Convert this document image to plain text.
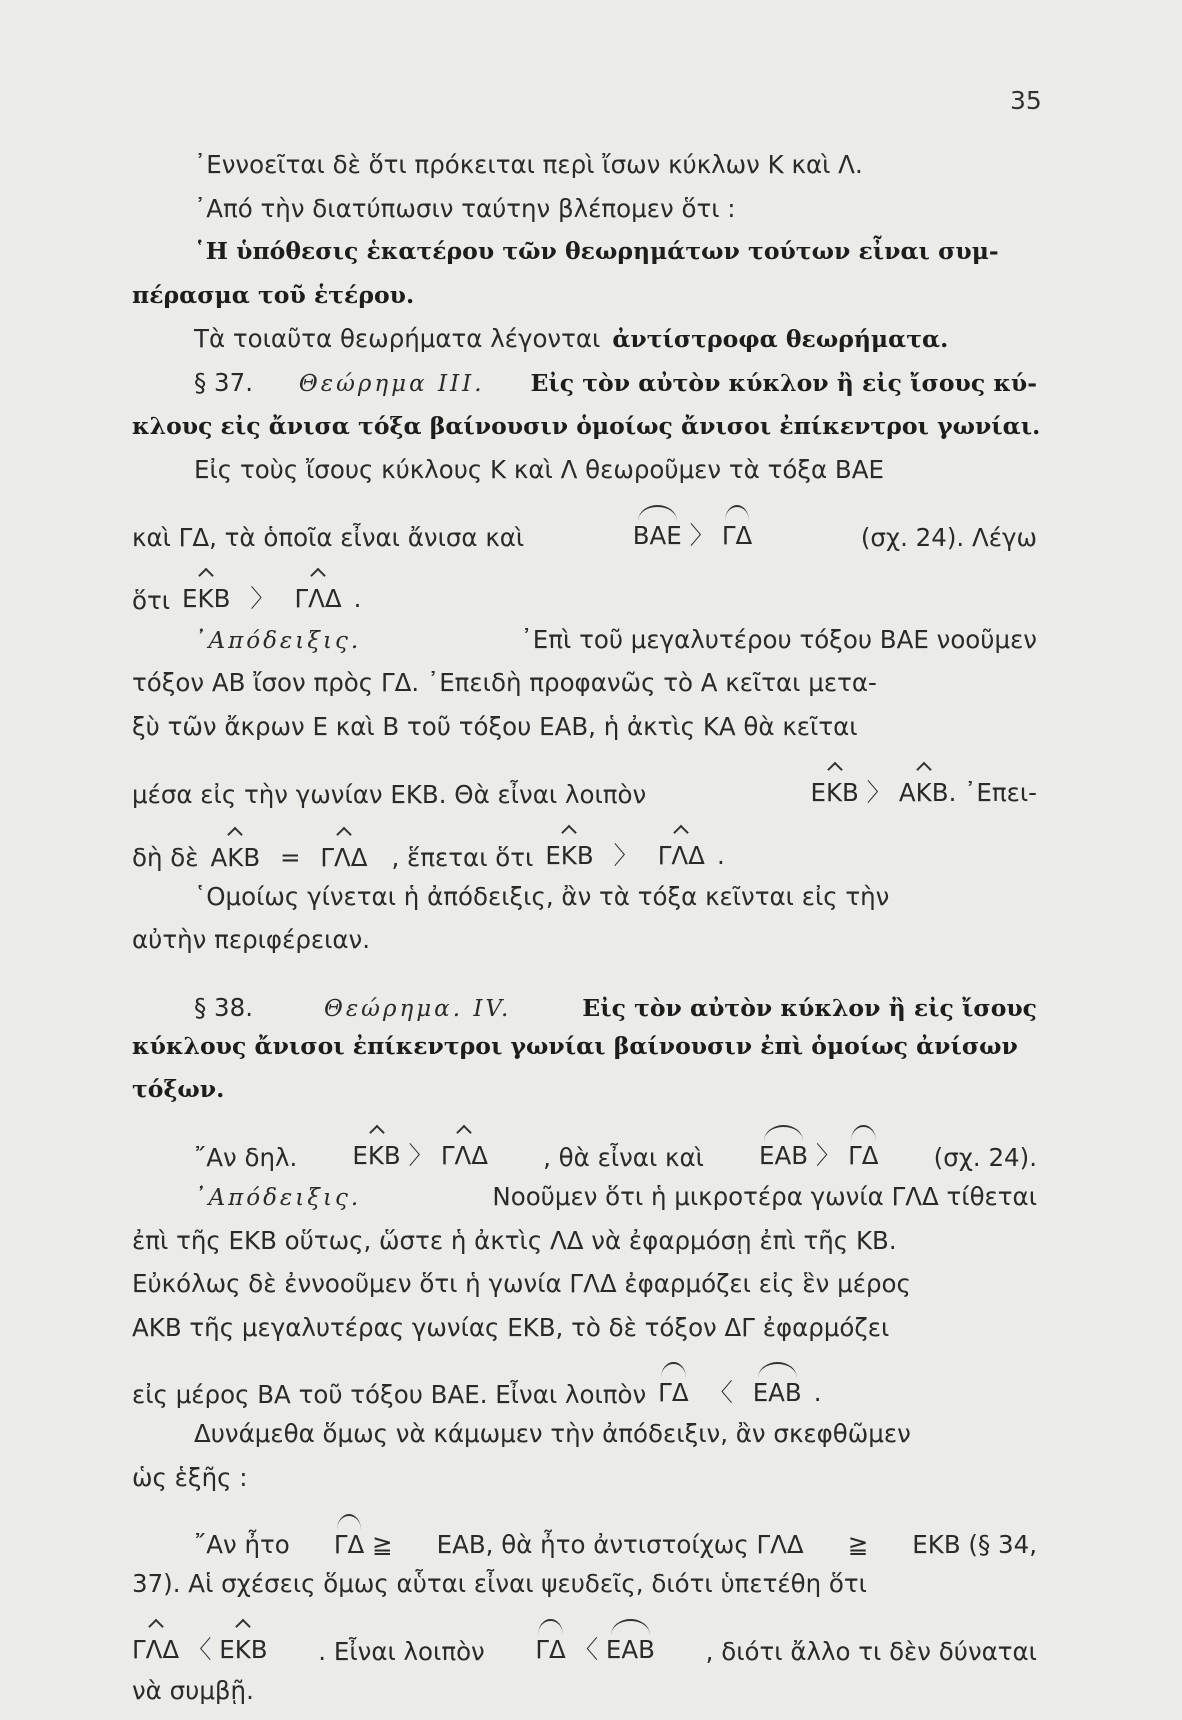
35
᾽Εννοεῖται δὲ ὅτι πρόκειται περὶ ἴσων κύκλων Κ καὶ Λ.
᾽Από τὴν διατύπωσιν ταύτην βλέπομεν ὅτι :
῾Η ὑπόθεσις ἑκατέρου τῶν θεωρημάτων τούτων εἶναι συμ-
πέρασμα τοῦ ἑτέρου.
Τὰ τοιαῦτα θεωρήματα λέγονται ἀντίστροφα θεωρήματα.
§ 37. Θεώρημα ΙΙΙ. Εἰς τὸν αὐτὸν κύκλον ἢ εἰς ἴσους κύ-
κλους εἰς ἄνισα τόξα βαίνουσιν ὁμοίως ἄνισοι ἐπίκεντροι γωνίαι.
Εἰς τοὺς ἴσους κύκλους Κ καὶ Λ θεωροῦμεν τὰ τόξα ΒΑΕ
καὶ ΓΔ, τὰ ὁποῖα εἶναι ἄνισα καὶ	ΒΑΕ 〉 ΓΔ	(σχ. 24). Λέγω
ὅτι ΕΚΒ 〉 ΓΛΔ .
᾽Απόδειξις.	᾽Επὶ τοῦ μεγαλυτέρου τόξου ΒΑΕ νοοῦμεν
τόξον ΑΒ ἴσον πρὸς ΓΔ. ᾽Επειδὴ προφανῶς τὸ Α κεῖται μετα-
ξὺ τῶν ἄκρων Ε καὶ Β τοῦ τόξου ΕΑΒ, ἡ ἀκτὶς ΚΑ θὰ κεῖται
μέσα εἰς τὴν γωνίαν ΕΚΒ. Θὰ εἶναι λοιπὸν	ΕΚΒ 〉 ΑΚΒ. ᾽Επει-
δὴ δὲ ΑΚΒ = ΓΛΔ , ἕπεται ὅτι ΕΚΒ 〉 ΓΛΔ .
῾Ομοίως γίνεται ἡ ἀπόδειξις, ἂν τὰ τόξα κεῖνται εἰς τὴν
αὐτὴν περιφέρειαν.
§ 38.	Θεώρημα. ΙV.	Εἰς τὸν αὐτὸν κύκλον ἢ εἰς ἴσους
κύκλους ἄνισοι ἐπίκεντροι γωνίαι βαίνουσιν ἐπὶ ὁμοίως ἀνίσων
τόξων.
῎Αν δηλ. ΕΚΒ 〉 ΓΛΔ , θὰ εἶναι καὶ ΕΑΒ 〉 ΓΔ (σχ. 24).
᾽Απόδειξις.	Νοοῦμεν ὅτι ἡ μικροτέρα γωνία ΓΛΔ τίθεται
ἐπὶ τῆς ΕΚΒ οὕτως, ὥστε ἡ ἀκτὶς ΛΔ νὰ ἐφαρμόσῃ ἐπὶ τῆς ΚΒ.
Εὐκόλως δὲ ἐννοοῦμεν ὅτι ἡ γωνία ΓΛΔ ἐφαρμόζει εἰς ἓν μέρος
ΑΚΒ τῆς μεγαλυτέρας γωνίας ΕΚΒ, τὸ δὲ τόξον ΔΓ ἐφαρμόζει
εἰς μέρος ΒΑ τοῦ τόξου ΒΑΕ. Εἶναι λοιπὸν ΓΔ 〈 ΕΑΒ .
Δυνάμεθα ὅμως νὰ κάμωμεν τὴν ἀπόδειξιν, ἂν σκεφθῶμεν
ὡς ἑξῆς :
῎Αν ἦτο ΓΔ ≧ ΕΑΒ, θὰ ἦτο ἀντιστοίχως ΓΛΔ ≧ ΕΚΒ (§ 34,
37). Αἱ σχέσεις ὅμως αὗται εἶναι ψευδεῖς, διότι ὑπετέθη ὅτι
ΓΛΔ 〈 ΕΚΒ . Εἶναι λοιπὸν ΓΔ 〈 ΕΑΒ , διότι ἄλλο τι δὲν δύναται
νὰ συμβῇ.
